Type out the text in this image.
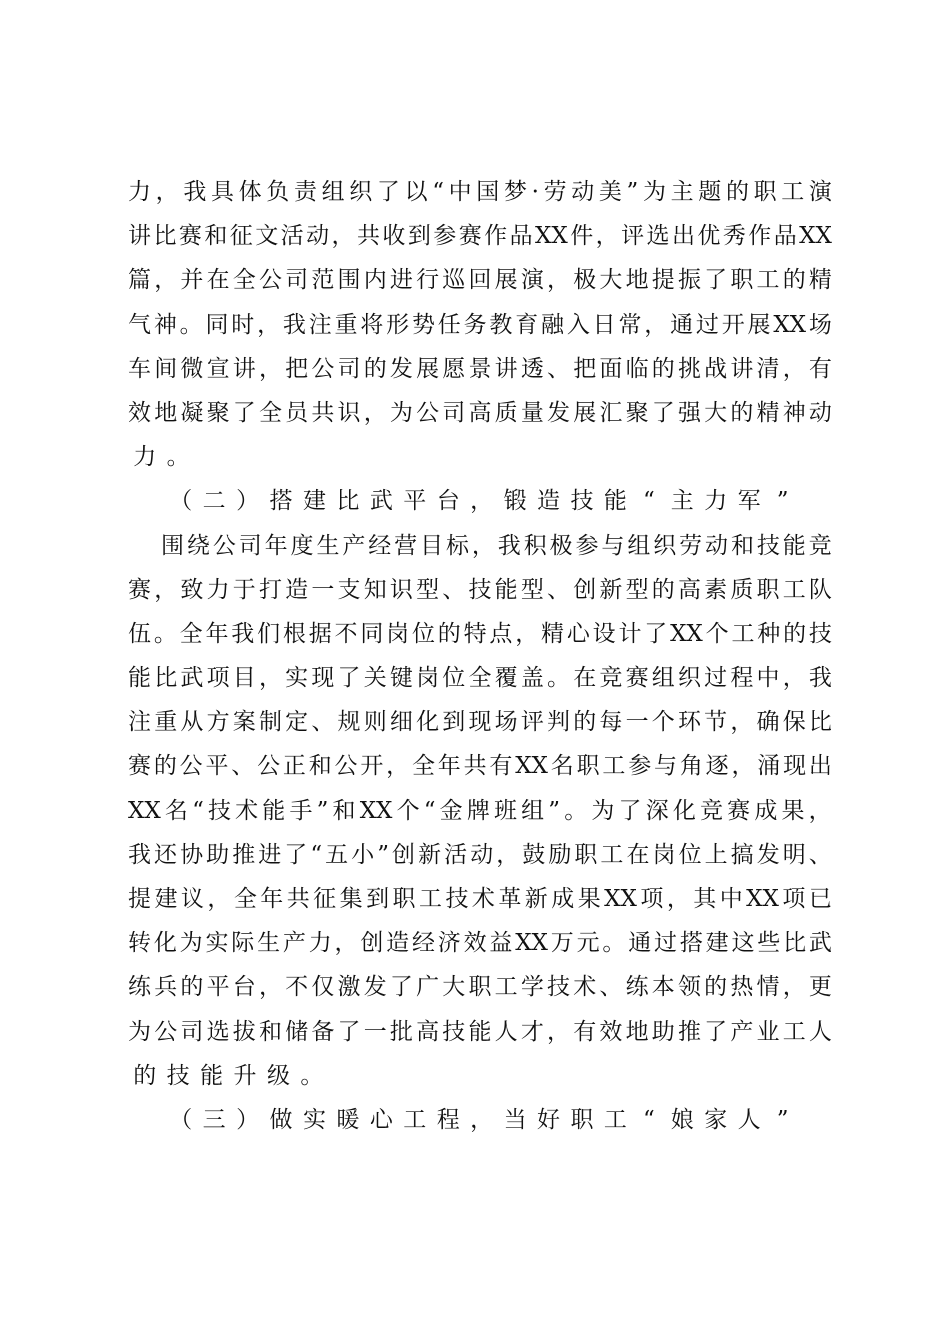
力 ， 我 具 体 负 责 组 织 了 以 “ 中 国 梦 · 劳 动 美 ” 为 主 题 的 职 工 演
讲 比 赛 和 征 文 活 动 ， 共 收 到 参 赛 作 品 XX 件 ， 评 选 出 优 秀 作 品 XX
篇 ， 并 在 全 公 司 范 围 内 进 行 巡 回 展 演 ， 极 大 地 提 振 了 职 工 的 精
气 神 。 同 时 ， 我 注 重 将 形 势 任 务 教 育 融 入 日 常 ， 通 过 开 展 XX 场
车 间 微 宣 讲 ， 把 公 司 的 发 展 愿 景 讲 透 、 把 面 临 的 挑 战 讲 清 ， 有
效 地 凝 聚 了 全 员 共 识 ， 为 公 司 高 质 量 发 展 汇 聚 了 强 大 的 精 神 动
力 。
（ 二 ） 搭 建 比 武 平 台 ， 锻 造 技 能 “ 主 力 军 ”
围 绕 公 司 年 度 生 产 经 营 目 标 ， 我 积 极 参 与 组 织 劳 动 和 技 能 竞
赛 ， 致 力 于 打 造 一 支 知 识 型 、 技 能 型 、 创 新 型 的 高 素 质 职 工 队
伍 。 全 年 我 们 根 据 不 同 岗 位 的 特 点 ， 精 心 设 计 了 XX 个 工 种 的 技
能 比 武 项 目 ， 实 现 了 关 键 岗 位 全 覆 盖 。 在 竞 赛 组 织 过 程 中 ， 我
注 重 从 方 案 制 定 、 规 则 细 化 到 现 场 评 判 的 每 一 个 环 节 ， 确 保 比
赛 的 公 平 、 公 正 和 公 开 ， 全 年 共 有 XX 名 职 工 参 与 角 逐 ， 涌 现 出
XX 名 “ 技 术 能 手 ” 和 XX 个 “ 金 牌 班 组 ” 。 为 了 深 化 竞 赛 成 果 ，
我 还 协 助 推 进 了 “ 五 小 ” 创 新 活 动 ， 鼓 励 职 工 在 岗 位 上 搞 发 明 、
提 建 议 ， 全 年 共 征 集 到 职 工 技 术 革 新 成 果 XX 项 ， 其 中 XX 项 已
转 化 为 实 际 生 产 力 ， 创 造 经 济 效 益 XX 万 元 。 通 过 搭 建 这 些 比 武
练 兵 的 平 台 ， 不 仅 激 发 了 广 大 职 工 学 技 术 、 练 本 领 的 热 情 ， 更
为 公 司 选 拔 和 储 备 了 一 批 高 技 能 人 才 ， 有 效 地 助 推 了 产 业 工 人
的 技 能 升 级 。
（ 三 ） 做 实 暖 心 工 程 ， 当 好 职 工 “ 娘 家 人 ”
